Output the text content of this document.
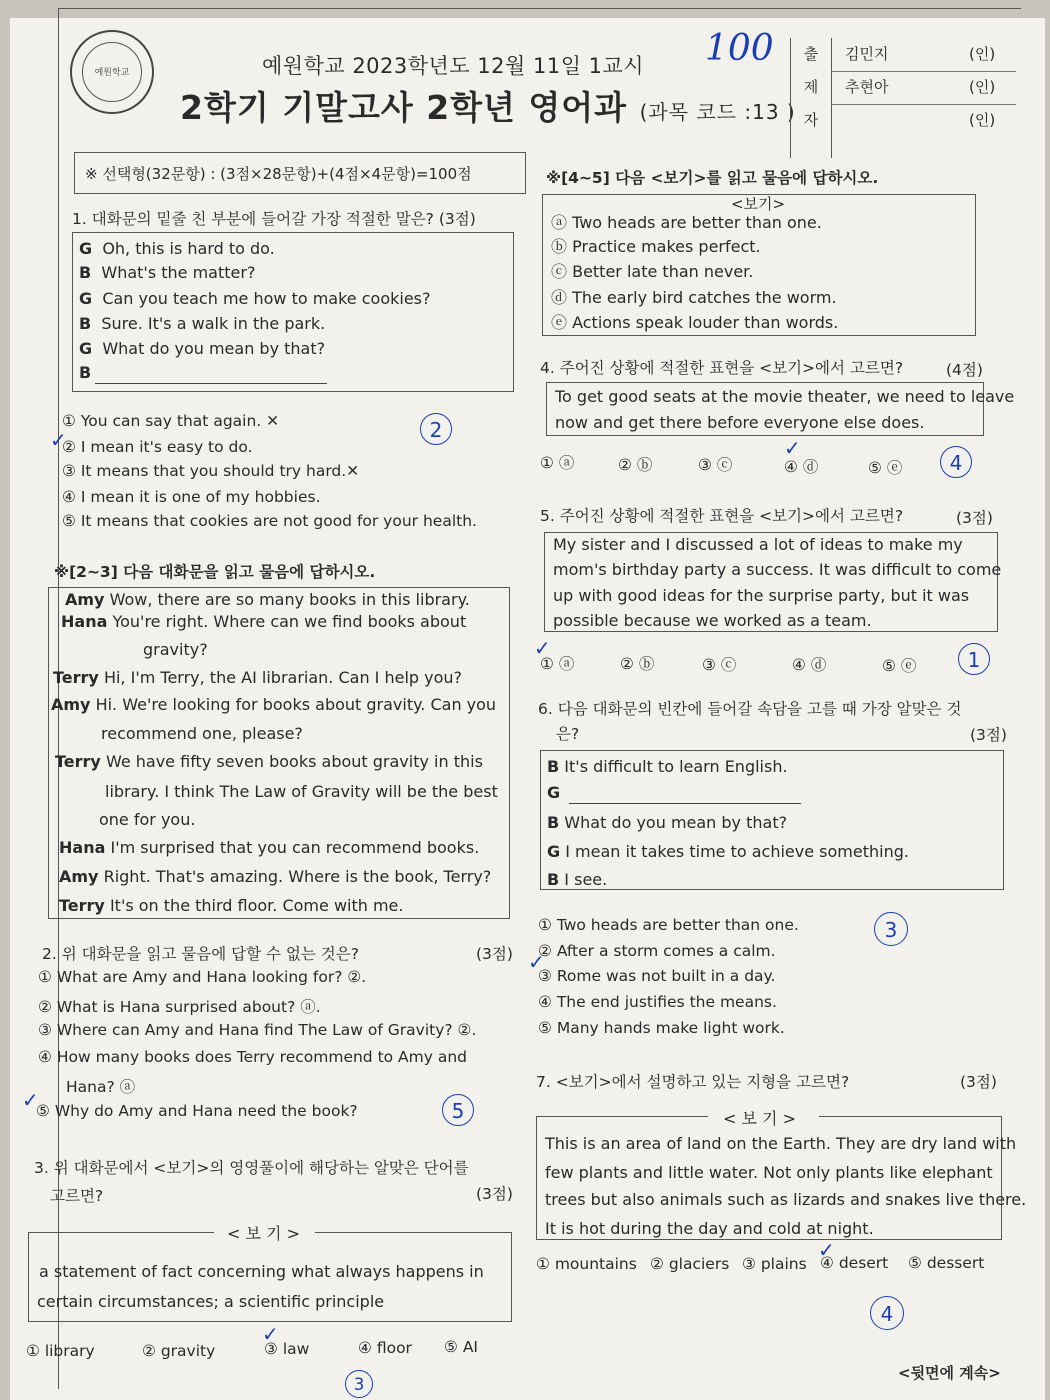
예원학교	예원학교 2023학년도 12월 11일 1교시
2학기 기말고사 2학년 영어과 (과목 코드 :13 )
100	출
제
자
김민지	(인)
추현아	(인)
(인)
※ 선택형(32문항) : (3점×28문항)+(4점×4문항)=100점
1. 대화문의 밑줄 친 부분에 들어갈 가장 적절한 말은? (3점)
G Oh, this is hard to do.
B What's the matter?
G Can you teach me how to make cookies?
B Sure. It's a walk in the park.
G What do you mean by that?
B
① You can say that again. ✕
② I mean it's easy to do.
③ It means that you should try hard.✕
④ I mean it is one of my hobbies.
⑤ It means that cookies are not good for your health.
✓	2
※[2~3] 다음 대화문을 읽고 물음에 답하시오.
Amy Wow, there are so many books in this library.
Hana You're right. Where can we find books about
gravity?
Terry Hi, I'm Terry, the AI librarian. Can I help you?
Amy Hi. We're looking for books about gravity. Can you
recommend one, please?
Terry We have fifty seven books about gravity in this
library. I think The Law of Gravity will be the best
one for you.
Hana I'm surprised that you can recommend books.
Amy Right. That's amazing. Where is the book, Terry?
Terry It's on the third floor. Come with me.
2. 위 대화문을 읽고 물음에 답할 수 없는 것은?	(3점)
① What are Amy and Hana looking for? ②.
② What is Hana surprised about? ⓐ.
③ Where can Amy and Hana find The Law of Gravity? ②.
④ How many books does Terry recommend to Amy and
Hana? ⓐ
⑤ Why do Amy and Hana need the book?
✓	5
3. 위 대화문에서 <보기>의 영영풀이에 해당하는 알맞은 단어를
고르면?	(3점)
< 보 기 >
a statement of fact concerning what always happens in
certain circumstances; a scientific principle
① library	② gravity	③ law	④ floor ⑤ AI
✓
3
※[4~5] 다음 <보기>를 읽고 물음에 답하시오.
<보기>
ⓐ Two heads are better than one.
ⓑ Practice makes perfect.
ⓒ Better late than never.
ⓓ The early bird catches the worm.
ⓔ Actions speak louder than words.
4. 주어진 상황에 적절한 표현을 <보기>에서 고르면?	(4점)
To get good seats at the movie theater, we need to leave
now and get there before everyone else does.
① ⓐ	② ⓑ	③ ⓒ	④ ⓓ	⑤ ⓔ
✓
4
5. 주어진 상황에 적절한 표현을 <보기>에서 고르면?	(3점)
My sister and I discussed a lot of ideas to make my
mom's birthday party a success. It was difficult to come
up with good ideas for the surprise party, but it was
possible because we worked as a team.
① ⓐ	② ⓑ	③ ⓒ	④ ⓓ	⑤ ⓔ
✓	1
6. 다음 대화문의 빈칸에 들어갈 속담을 고를 때 가장 알맞은 것
은?	(3점)
B It's difficult to learn English.
G
B What do you mean by that?
G I mean it takes time to achieve something.
B I see.
① Two heads are better than one.
② After a storm comes a calm.
③ Rome was not built in a day.
④ The end justifies the means.
⑤ Many hands make light work.
✓
3
7. <보기>에서 설명하고 있는 지형을 고르면?	(3점)
< 보 기 >
This is an area of land on the Earth. They are dry land with
few plants and little water. Not only plants like elephant
trees but also animals such as lizards and snakes live there.
It is hot during the day and cold at night.
① mountains ② glaciers ③ plains ④ desert ⑤ dessert
✓
4
<뒷면에 계속>
